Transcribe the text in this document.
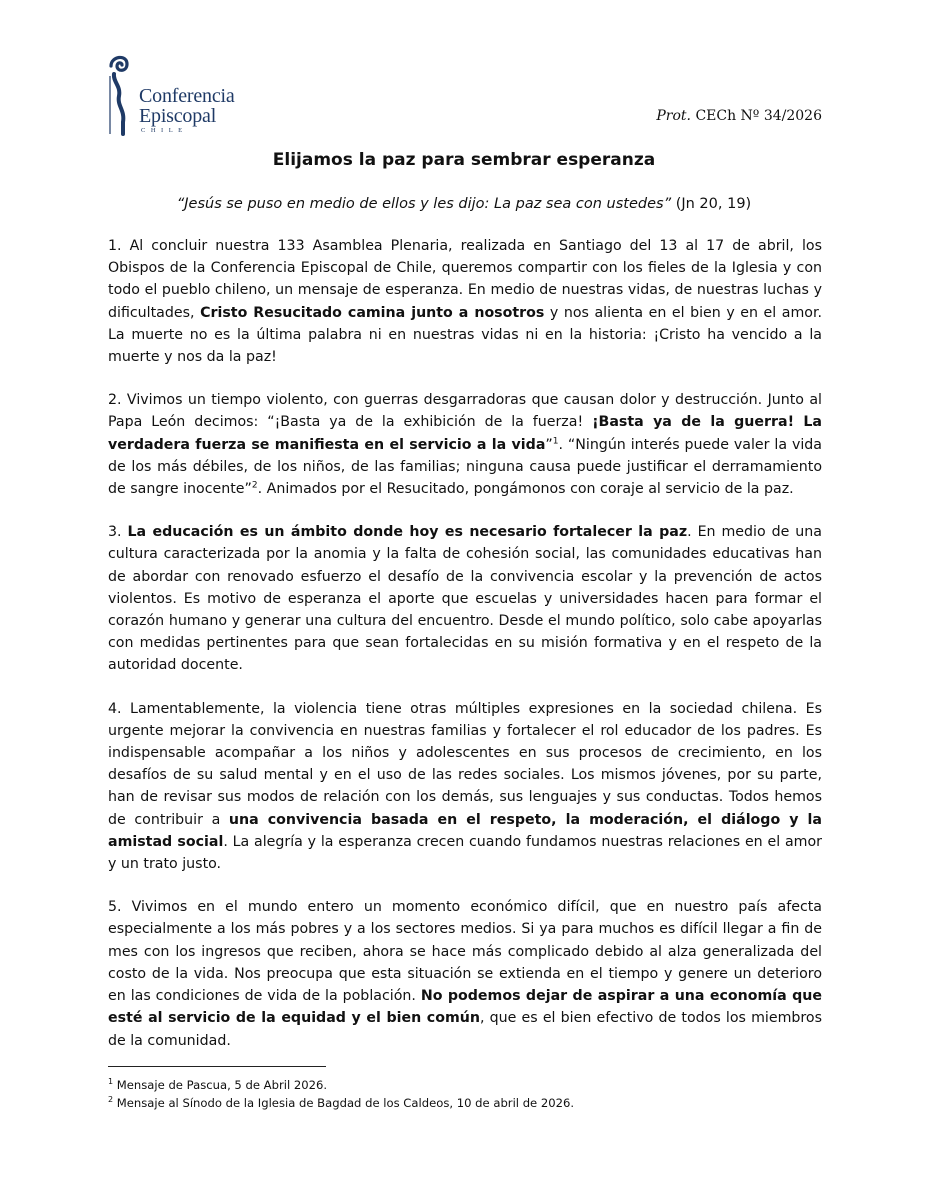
Conferencia
Episcopal
CHILE
Prot. CECh Nº 34/2026
Elijamos la paz para sembrar esperanza
“Jesús se puso en medio de ellos y les dijo: La paz sea con ustedes” (Jn 20, 19)

1. Al concluir nuestra 133 Asamblea Plenaria, realizada en Santiago del 13 al 17 de abril, los Obispos de la Conferencia Episcopal de Chile, queremos compartir con los fieles de la Iglesia y con todo el pueblo chileno, un mensaje de esperanza. En medio de nuestras vidas, de nuestras luchas y dificultades, Cristo Resucitado camina junto a nosotros y nos alienta en el bien y en el amor. La muerte no es la última palabra ni en nuestras vidas ni en la historia: ¡Cristo ha vencido a la muerte y nos da la paz!

2. Vivimos un tiempo violento, con guerras desgarradoras que causan dolor y destrucción. Junto al Papa León decimos: “¡Basta ya de la exhibición de la fuerza! ¡Basta ya de la guerra! La verdadera fuerza se manifiesta en el servicio a la vida”$^1$. “Ningún interés puede valer la vida de los más débiles, de los niños, de las familias; ninguna causa puede justificar el derramamiento de sangre inocente”$^2$. Animados por el Resucitado, pongámonos con coraje al servicio de la paz.

3. La educación es un ámbito donde hoy es necesario fortalecer la paz. En medio de una cultura caracterizada por la anomia y la falta de cohesión social, las comunidades educativas han de abordar con renovado esfuerzo el desafío de la convivencia escolar y la prevención de actos violentos. Es motivo de esperanza el aporte que escuelas y universidades hacen para formar el corazón humano y generar una cultura del encuentro. Desde el mundo político, solo cabe apoyarlas con medidas pertinentes para que sean fortalecidas en su misión formativa y en el respeto de la autoridad docente.

4. Lamentablemente, la violencia tiene otras múltiples expresiones en la sociedad chilena. Es urgente mejorar la convivencia en nuestras familias y fortalecer el rol educador de los padres. Es indispensable acompañar a los niños y adolescentes en sus procesos de crecimiento, en los desafíos de su salud mental y en el uso de las redes sociales. Los mismos jóvenes, por su parte, han de revisar sus modos de relación con los demás, sus lenguajes y sus conductas. Todos hemos de contribuir a una convivencia basada en el respeto, la moderación, el diálogo y la amistad social. La alegría y la esperanza crecen cuando fundamos nuestras relaciones en el amor y un trato justo.

5. Vivimos en el mundo entero un momento económico difícil, que en nuestro país afecta especialmente a los más pobres y a los sectores medios. Si ya para muchos es difícil llegar a fin de mes con los ingresos que reciben, ahora se hace más complicado debido al alza generalizada del costo de la vida. Nos preocupa que esta situación se extienda en el tiempo y genere un deterioro en las condiciones de vida de la población. No podemos dejar de aspirar a una economía que esté al servicio de la equidad y el bien común, que es el bien efectivo de todos los miembros de la comunidad.

$^1$ Mensaje de Pascua, 5 de Abril 2026.
$^2$ Mensaje al Sínodo de la Iglesia de Bagdad de los Caldeos, 10 de abril de 2026.
